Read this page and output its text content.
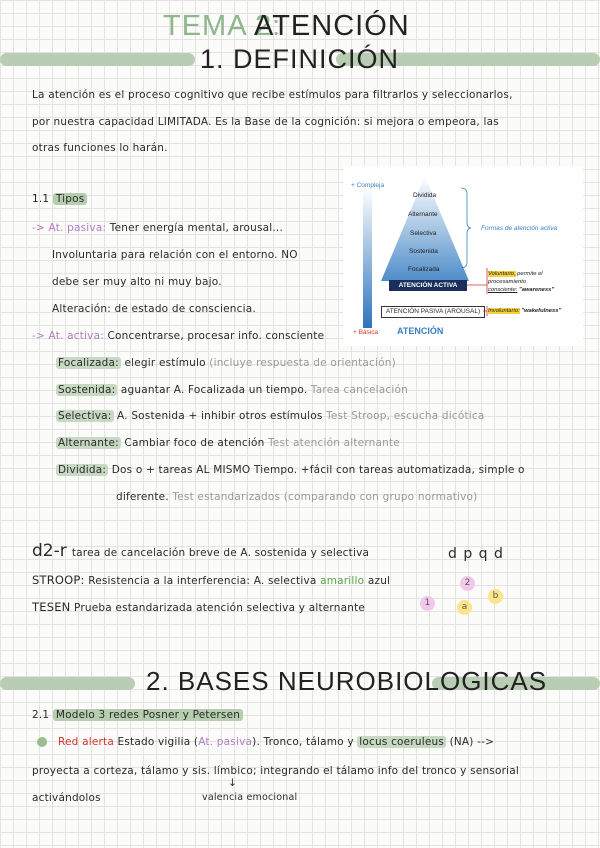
TEMA 2:
ATENCIÓN
1. DEFINICIÓN
La atención es el proceso cognitivo que recibe estímulos para filtrarlos y seleccionarlos,
por nuestra capacidad LIMITADA. Es la Base de la cognición: si mejora o empeora, las
otras funciones lo harán.
1.1 Tipos
-> At. pasiva: Tener energía mental, arousal...
Involuntaria para relación con el entorno. NO
debe ser muy alto ni muy bajo.
Alteración: de estado de consciencia.
-> At. activa: Concentrarse, procesar info. consciente
Focalizada: elegir estímulo (incluye respuesta de orientación)
Sostenida: aguantar A. Focalizada un tiempo. Tarea cancelación
Selectiva: A. Sostenida + inhibir otros estímulos Test Stroop, escucha dicótica
Alternante: Cambiar foco de atención Test atención alternante
Dividida: Dos o + tareas AL MISMO Tiempo. +fácil con tareas automatizada, simple o
diferente. Test estandarizados (comparando con grupo normativo)
+ Compleja
+ Básica
Dividida
Alternante
Selectiva
Sostenida
Focalizada
Formas de atención activa
ATENCIÓN ACTIVA
ATENCIÓN PASIVA (AROUSAL)
ATENCIÓN
Voluntario, permite el
procesamiento
consciente: "awareness"
Involuntario: "wakefulness"
d2-r tarea de cancelación breve de A. sostenida y selectiva	d p q d
STROOP: Resistencia a la interferencia: A. selectiva amarillo azul
TESEN Prueba estandarizada atención selectiva y alternante
2
b
1	a
2. BASES NEUROBIOLOGICAS
2.1 Modelo 3 redes Posner y Petersen
Red alerta Estado vigilia (At. pasiva). Tronco, tálamo y locus coeruleus (NA) -->
proyecta a corteza, tálamo y sis. límbico; integrando el tálamo info del tronco y sensorial
↓
activándolos	valencia emocional
